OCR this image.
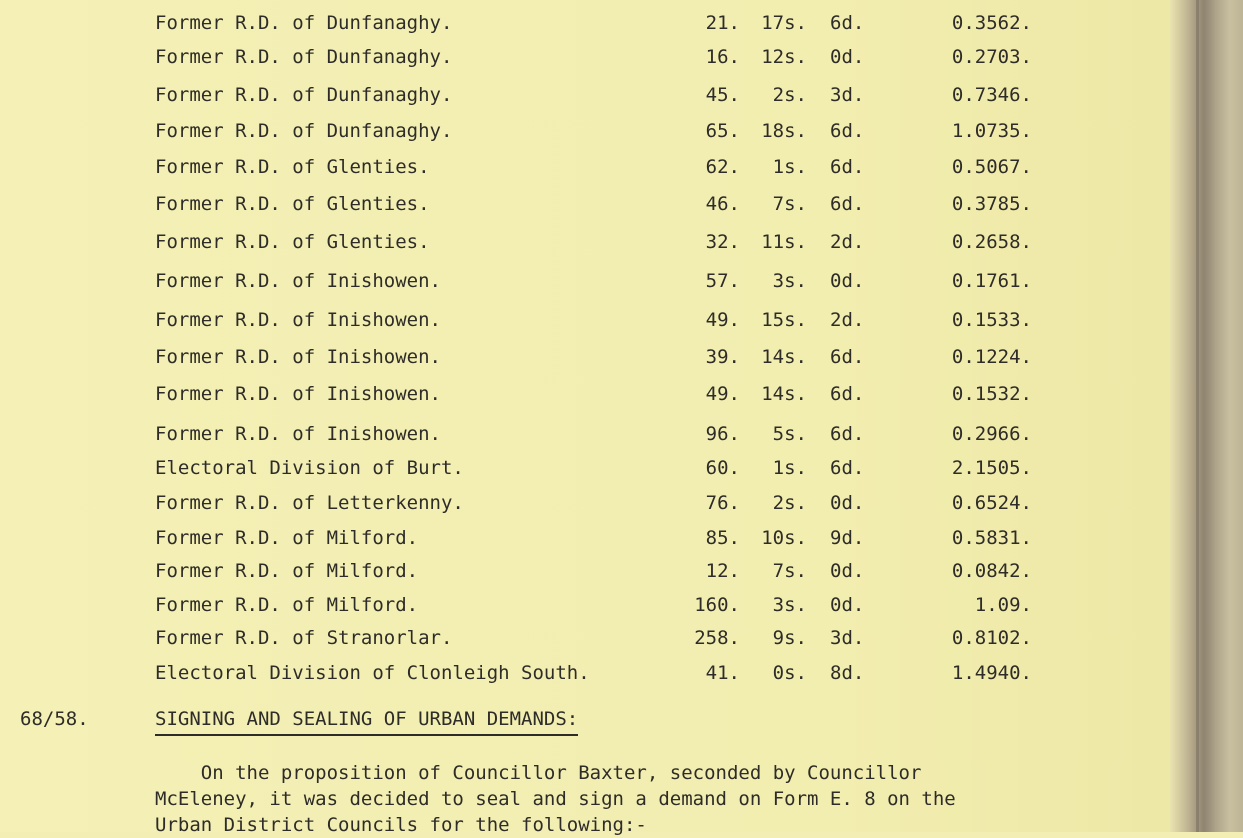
Former R.D. of Dunfanaghy.	21.	17s. 6d.	0.3562.
Former R.D. of Dunfanaghy.	16.	12s. 0d.	0.2703.
Former R.D. of Dunfanaghy.	45.	2s. 3d.	0.7346.
Former R.D. of Dunfanaghy.	65.	18s. 6d.	1.0735.
Former R.D. of Glenties.	62.	1s. 6d.	0.5067.
Former R.D. of Glenties.	46.	7s. 6d.	0.3785.
Former R.D. of Glenties.	32.	11s. 2d.	0.2658.
Former R.D. of Inishowen.	57.	3s. 0d.	0.1761.
Former R.D. of Inishowen.	49.	15s. 2d.	0.1533.
Former R.D. of Inishowen.	39.	14s. 6d.	0.1224.
Former R.D. of Inishowen.	49.	14s. 6d.	0.1532.
Former R.D. of Inishowen.	96.	5s. 6d.	0.2966.
Electoral Division of Burt.	60.	1s. 6d.	2.1505.
Former R.D. of Letterkenny.	76.	2s. 0d.	0.6524.
Former R.D. of Milford.	85.	10s. 9d.	0.5831.
Former R.D. of Milford.	12.	7s. 0d.	0.0842.
Former R.D. of Milford.	160.	3s. 0d.	1.09.
Former R.D. of Stranorlar.	258.	9s. 3d.	0.8102.
Electoral Division of Clonleigh South.	41.	0s. 8d.	1.4940.
68/58.	SIGNING AND SEALING OF URBAN DEMANDS:
On the proposition of Councillor Baxter, seconded by Councillor
McEleney, it was decided to seal and sign a demand on Form E. 8 on the
Urban District Councils for the following:-
